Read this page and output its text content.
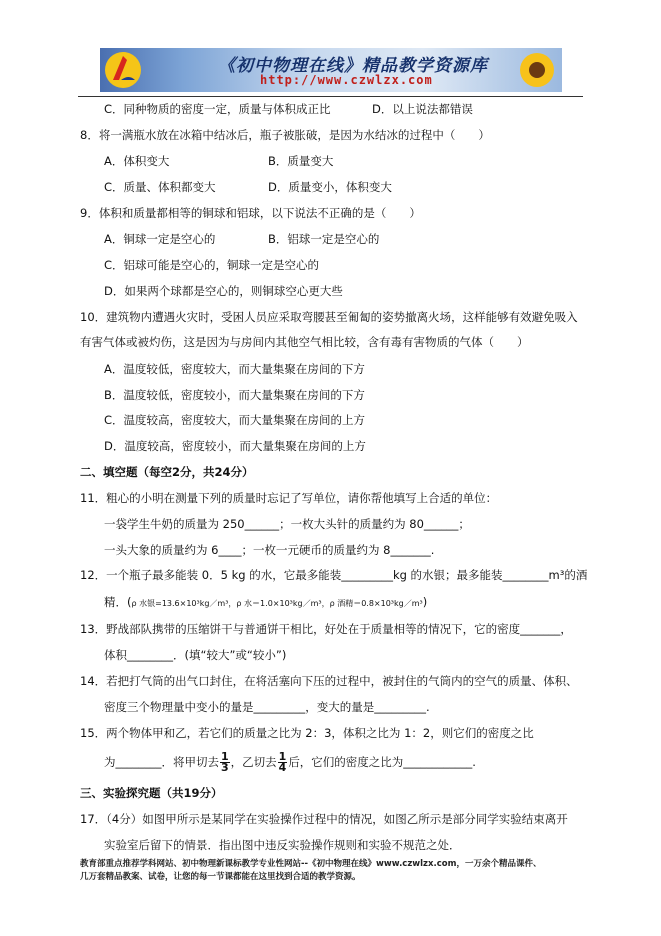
《初中物理在线》精品教学资源库
http://www.czwlzx.com
C．同种物质的密度一定，质量与体积成正比	D．以上说法都错误
8．将一满瓶水放在冰箱中结冰后，瓶子被胀破，是因为水结冰的过程中（　　）
A．体积变大	B．质量变大
C．质量、体积都变大	D．质量变小，体积变大
9．体积和质量都相等的铜球和铝球，以下说法不正确的是（　　）
A．铜球一定是空心的	B．铝球一定是空心的
C．铝球可能是空心的，铜球一定是空心的
D．如果两个球都是空心的，则铜球空心更大些
10．建筑物内遭遇火灾时，受困人员应采取弯腰甚至匍匐的姿势撤离火场，这样能够有效避免吸入
有害气体或被灼伤，这是因为与房间内其他空气相比较，含有毒有害物质的气体（　　）
A．温度较低，密度较大，而大量集聚在房间的下方
B．温度较低，密度较小，而大量集聚在房间的下方
C．温度较高，密度较大，而大量集聚在房间的上方
D．温度较高，密度较小，而大量集聚在房间的上方
二、填空题（每空2分，共24分）
11．粗心的小明在测量下列的质量时忘记了写单位，请你帮他填写上合适的单位：
一袋学生牛奶的质量为 250______；一枚大头针的质量约为 80______；
一头大象的质量约为 6____；一枚一元硬币的质量约为 8_______.
12．一个瓶子最多能装 0．5 kg 的水，它最多能装_________kg 的水银；最多能装________m³的酒
精．(ρ 水银=13.6×10³kg／m³，ρ 水＝1.0×10³kg／m³，ρ 酒精＝0.8×10³kg／m³)
13．野战部队携带的压缩饼干与普通饼干相比，好处在于质量相等的情况下，它的密度_______，
体积________．(填“较大”或“较小”)
14．若把打气筒的出气口封住，在将活塞向下压的过程中，被封住的气筒内的空气的质量、体积、
密度三个物理量中变小的量是_________，变大的量是_________.
15．两个物体甲和乙，若它们的质量之比为 2：3，体积之比为 1：2，则它们的密度之比
为________．将甲切去 $\frac{1}{3}$ ，乙切去 $\frac{1}{4}$ 后，它们的密度之比为____________.
三、实验探究题（共19分）
17．（4分）如图甲所示是某同学在实验操作过程中的情况，如图乙所示是部分同学实验结束离开
实验室后留下的情景．指出图中违反实验操作规则和实验不规范之处．
教育部重点推荐学科网站、初中物理新课标教学专业性网站--《初中物理在线》www.czwlzx.com，一万余个精品课件、
几万套精品教案、试卷，让您的每一节课都能在这里找到合适的教学资源。
